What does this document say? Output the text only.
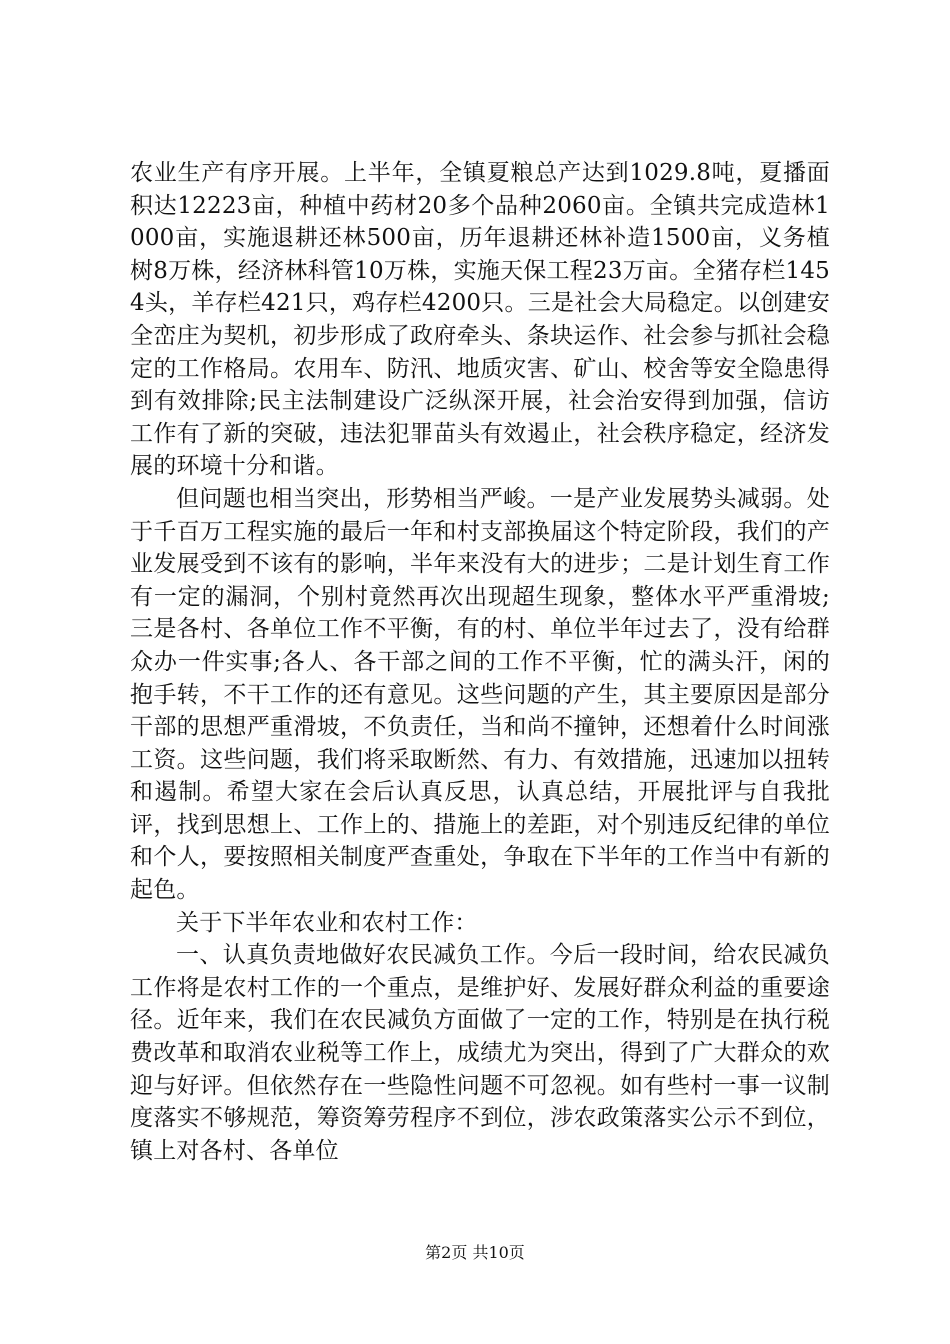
农业生产有序开展。上半年，全镇夏粮总产达到1029.8吨，夏播面积达12223亩，种植中药材20多个品种2060亩。全镇共完成造林1000亩，实施退耕还林500亩，历年退耕还林补造1500亩，义务植树8万株，经济林科管10万株，实施天保工程23万亩。全猪存栏1454头，羊存栏421只，鸡存栏4200只。三是社会大局稳定。以创建安全峦庄为契机，初步形成了政府牵头、条块运作、社会参与抓社会稳定的工作格局。农用车、防汛、地质灾害、矿山、校舍等安全隐患得到有效排除;民主法制建设广泛纵深开展，社会治安得到加强，信访工作有了新的突破，违法犯罪苗头有效遏止，社会秩序稳定，经济发展的环境十分和谐。

但问题也相当突出，形势相当严峻。一是产业发展势头减弱。处于千百万工程实施的最后一年和村支部换届这个特定阶段，我们的产业发展受到不该有的影响，半年来没有大的进步；二是计划生育工作有一定的漏洞，个别村竟然再次出现超生现象，整体水平严重滑坡;三是各村、各单位工作不平衡，有的村、单位半年过去了，没有给群众办一件实事;各人、各干部之间的工作不平衡，忙的满头汗，闲的抱手转，不干工作的还有意见。这些问题的产生，其主要原因是部分干部的思想严重滑坡，不负责任，当和尚不撞钟，还想着什么时间涨工资。这些问题，我们将采取断然、有力、有效措施，迅速加以扭转和遏制。希望大家在会后认真反思，认真总结，开展批评与自我批评，找到思想上、工作上的、措施上的差距，对个别违反纪律的单位和个人，要按照相关制度严查重处，争取在下半年的工作当中有新的起色。

关于下半年农业和农村工作：

一、认真负责地做好农民减负工作。今后一段时间，给农民减负工作将是农村工作的一个重点，是维护好、发展好群众利益的重要途径。近年来，我们在农民减负方面做了一定的工作，特别是在执行税费改革和取消农业税等工作上，成绩尤为突出，得到了广大群众的欢迎与好评。但依然存在一些隐性问题不可忽视。如有些村一事一议制度落实不够规范，筹资筹劳程序不到位，涉农政策落实公示不到位，镇上对各村、各单位

第2页 共10页
